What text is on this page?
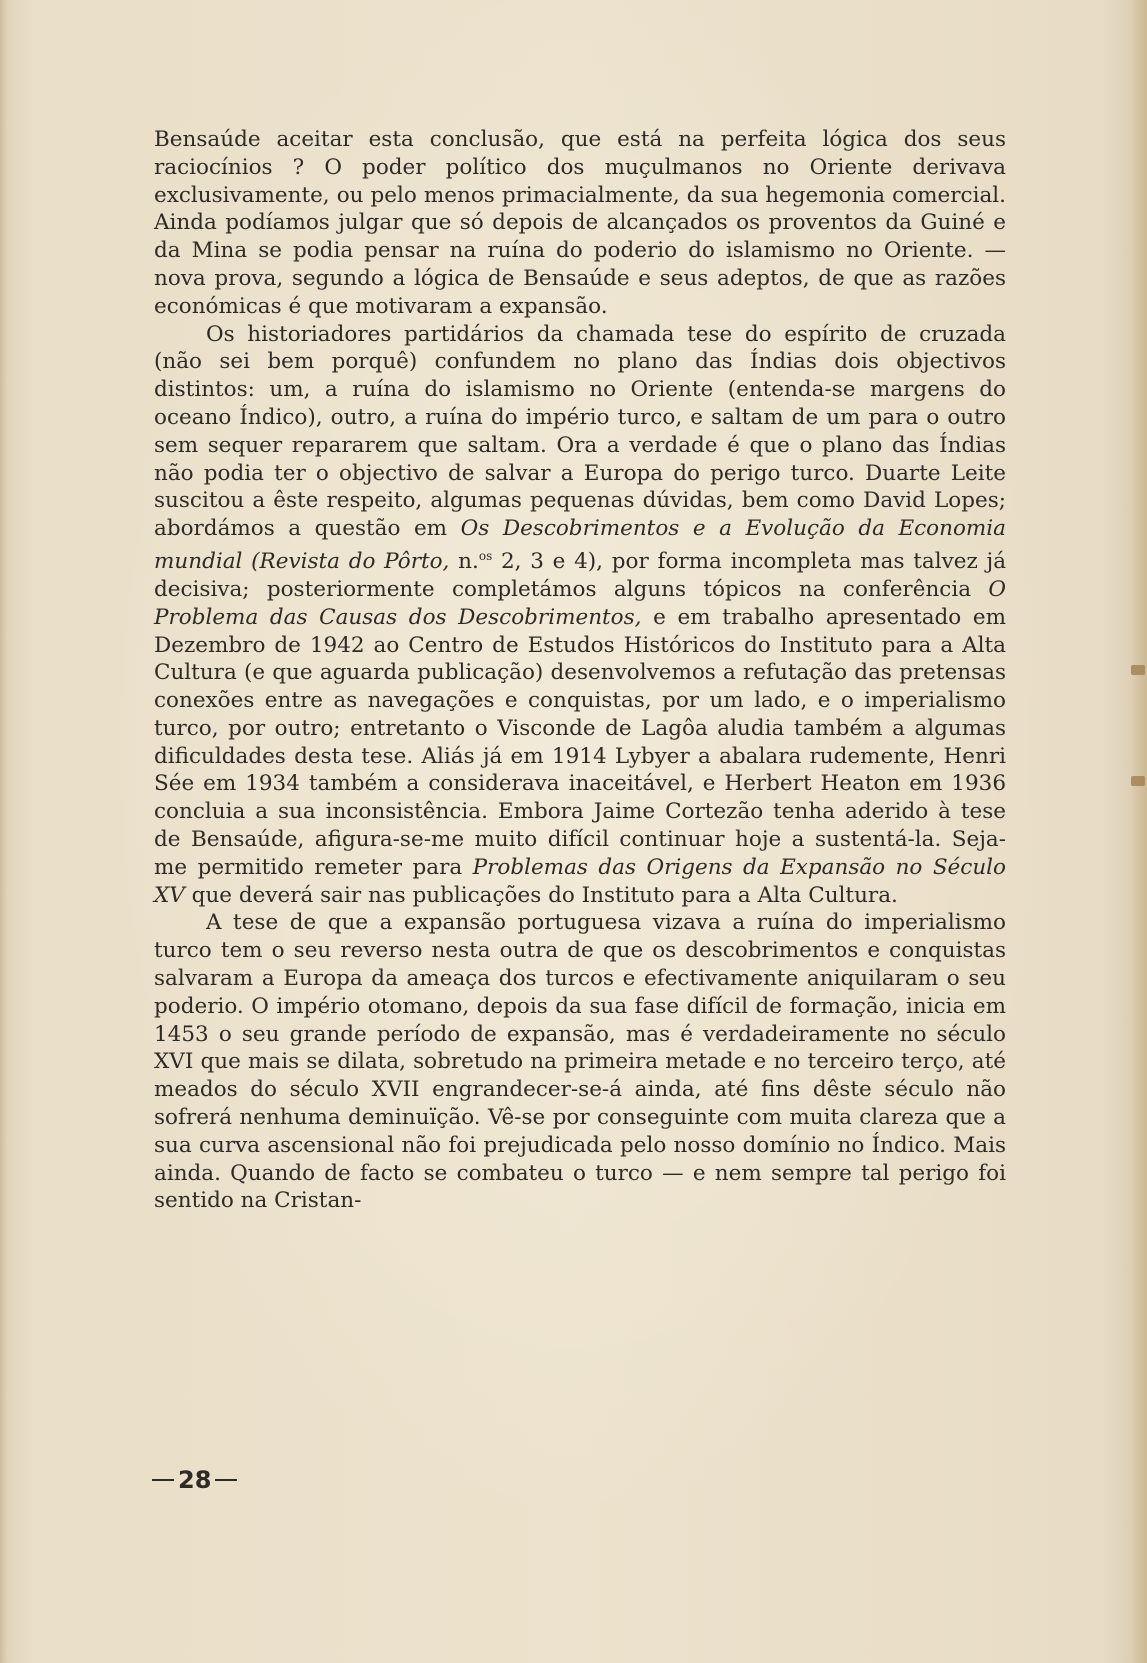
Bensaúde aceitar esta conclusão, que está na perfeita lógica dos seus raciocínios ? O poder político dos muçulmanos no Oriente derivava exclusivamente, ou pelo menos primacialmente, da sua hegemonia comercial. Ainda podíamos julgar que só depois de alcançados os proventos da Guiné e da Mina se podia pensar na ruína do poderio do islamismo no Oriente. — nova prova, segundo a lógica de Bensaúde e seus adeptos, de que as razões económicas é que motivaram a expansão.

Os historiadores partidários da chamada tese do espírito de cruzada (não sei bem porquê) confundem no plano das Índias dois objectivos distintos: um, a ruína do islamismo no Oriente (entenda-se margens do oceano Índico), outro, a ruína do império turco, e saltam de um para o outro sem sequer repararem que saltam. Ora a verdade é que o plano das Índias não podia ter o objectivo de salvar a Europa do perigo turco. Duarte Leite suscitou a êste respeito, algumas pequenas dúvidas, bem como David Lopes; abordámos a questão em Os Descobrimentos e a Evolução da Economia mundial (Revista do Pôrto, n.$^{os}$ 2, 3 e 4), por forma incompleta mas talvez já decisiva; posteriormente completámos alguns tópicos na conferência O Problema das Causas dos Descobrimentos, e em trabalho apresentado em Dezembro de 1942 ao Centro de Estudos Históricos do Instituto para a Alta Cultura (e que aguarda publicação) desenvolvemos a refutação das pretensas conexões entre as navegações e conquistas, por um lado, e o imperialismo turco, por outro; entretanto o Visconde de Lagôa aludia também a algumas dificuldades desta tese. Aliás já em 1914 Lybyer a abalara rudemente, Henri Sée em 1934 também a considerava inaceitável, e Herbert Heaton em 1936 concluia a sua inconsistência. Embora Jaime Cortezão tenha aderido à tese de Bensaúde, afigura-se-me muito difícil continuar hoje a sustentá-la. Seja-me permitido remeter para Problemas das Origens da Expansão no Século XV que deverá sair nas publicações do Instituto para a Alta Cultura.

A tese de que a expansão portuguesa vizava a ruína do imperialismo turco tem o seu reverso nesta outra de que os descobrimentos e conquistas salvaram a Europa da ameaça dos turcos e efectivamente aniquilaram o seu poderio. O império otomano, depois da sua fase difícil de formação, inicia em 1453 o seu grande período de expansão, mas é verdadeiramente no século XVI que mais se dilata, sobretudo na primeira metade e no terceiro terço, até meados do século XVII engrandecer-se-á ainda, até fins dêste século não sofrerá nenhuma deminuïção. Vê-se por conseguinte com muita clareza que a sua curva ascensional não foi prejudicada pelo nosso domínio no Índico. Mais ainda. Quando de facto se combateu o turco — e nem sempre tal perigo foi sentido na Cristan-

28
